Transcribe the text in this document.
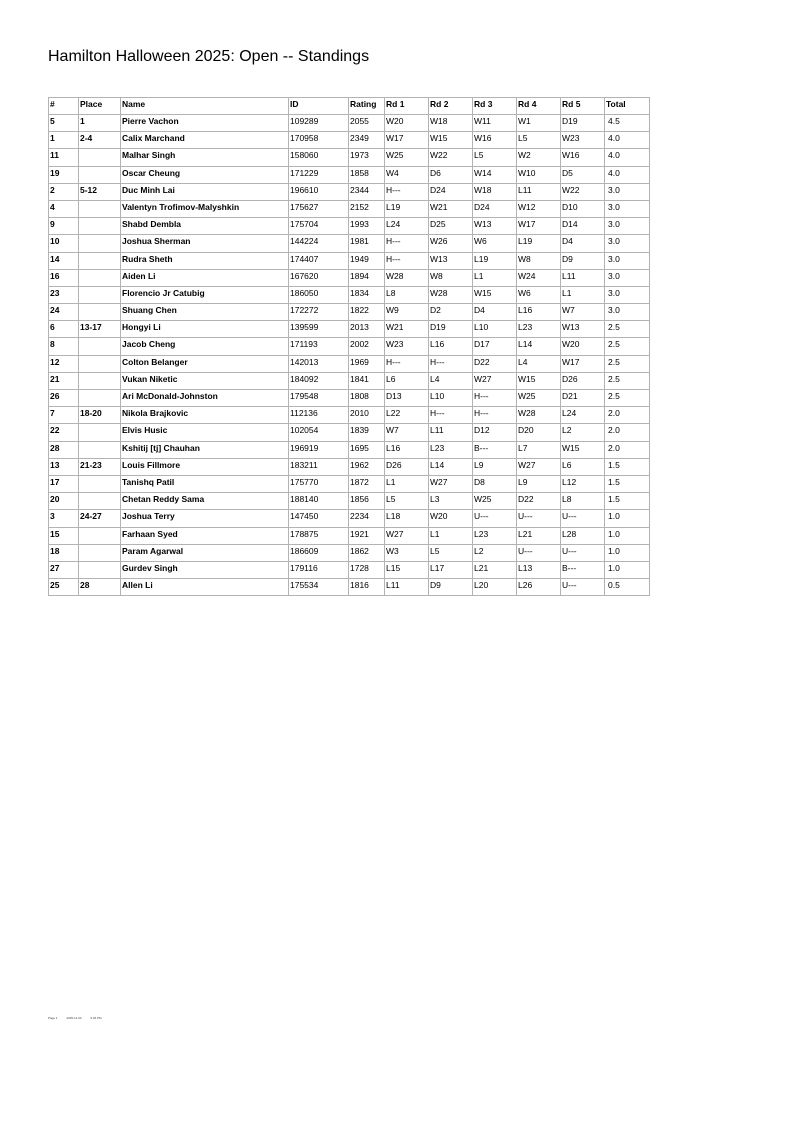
Hamilton Halloween 2025: Open -- Standings
#	Place	Name	ID	Rating	Rd 1	Rd 2	Rd 3	Rd 4	Rd 5	Total
5	1	Pierre Vachon	109289	2055	W20	W18	W11	W1	D19	4.5
1	2-4	Calix Marchand	170958	2349	W17	W15	W16	L5	W23	4.0
11		Malhar Singh	158060	1973	W25	W22	L5	W2	W16	4.0
19		Oscar Cheung	171229	1858	W4	D6	W14	W10	D5	4.0
2	5-12	Duc Minh Lai	196610	2344	H---	D24	W18	L11	W22	3.0
4		Valentyn Trofimov-Malyshkin	175627	2152	L19	W21	D24	W12	D10	3.0
9		Shabd Dembla	175704	1993	L24	D25	W13	W17	D14	3.0
10		Joshua Sherman	144224	1981	H---	W26	W6	L19	D4	3.0
14		Rudra Sheth	174407	1949	H---	W13	L19	W8	D9	3.0
16		Aiden Li	167620	1894	W28	W8	L1	W24	L11	3.0
23		Florencio Jr Catubig	186050	1834	L8	W28	W15	W6	L1	3.0
24		Shuang Chen	172272	1822	W9	D2	D4	L16	W7	3.0
6	13-17	Hongyi Li	139599	2013	W21	D19	L10	L23	W13	2.5
8		Jacob Cheng	171193	2002	W23	L16	D17	L14	W20	2.5
12		Colton Belanger	142013	1969	H---	H---	D22	L4	W17	2.5
21		Vukan Niketic	184092	1841	L6	L4	W27	W15	D26	2.5
26		Ari McDonald-Johnston	179548	1808	D13	L10	H---	W25	D21	2.5
7	18-20	Nikola Brajkovic	112136	2010	L22	H---	H---	W28	L24	2.0
22		Elvis Husic	102054	1839	W7	L11	D12	D20	L2	2.0
28		Kshitij [tj] Chauhan	196919	1695	L16	L23	B---	L7	W15	2.0
13	21-23	Louis Fillmore	183211	1962	D26	L14	L9	W27	L6	1.5
17		Tanishq Patil	175770	1872	L1	W27	D8	L9	L12	1.5
20		Chetan Reddy Sama	188140	1856	L5	L3	W25	D22	L8	1.5
3	24-27	Joshua Terry	147450	2234	L18	W20	U---	U---	U---	1.0
15		Farhaan Syed	178875	1921	W27	L1	L23	L21	L28	1.0
18		Param Agarwal	186609	1862	W3	L5	L2	U---	U---	1.0
27		Gurdev Singh	179116	1728	L15	L17	L21	L13	B---	1.0
25	28	Allen Li	175534	1816	L11	D9	L20	L26	U---	0.5
Page 1	2025-11-03	6:32 PM
